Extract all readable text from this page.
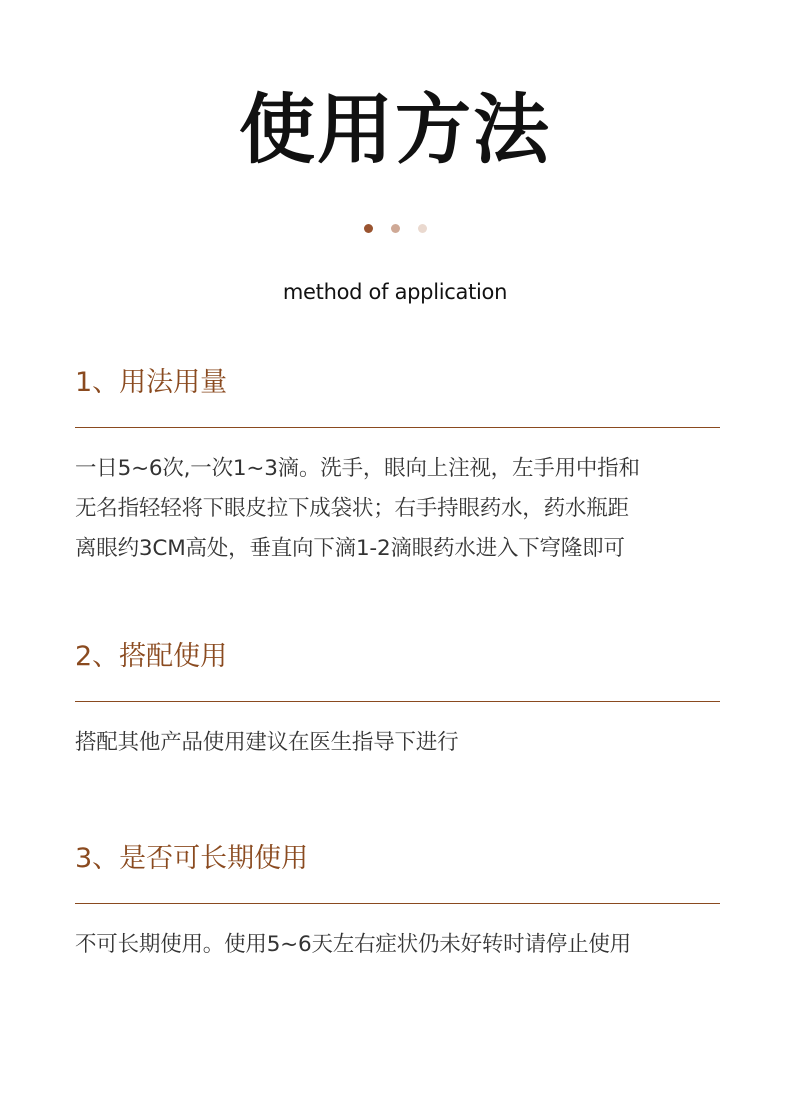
使用方法

method of application
1、用法用量
一日5~6次,一次1~3滴。洗手，眼向上注视，左手用中指和
无名指轻轻将下眼皮拉下成袋状；右手持眼药水，药水瓶距
离眼约3CM高处，垂直向下滴1-2滴眼药水进入下穹隆即可
2、搭配使用
搭配其他产品使用建议在医生指导下进行
3、是否可长期使用
不可长期使用。使用5~6天左右症状仍未好转时请停止使用
